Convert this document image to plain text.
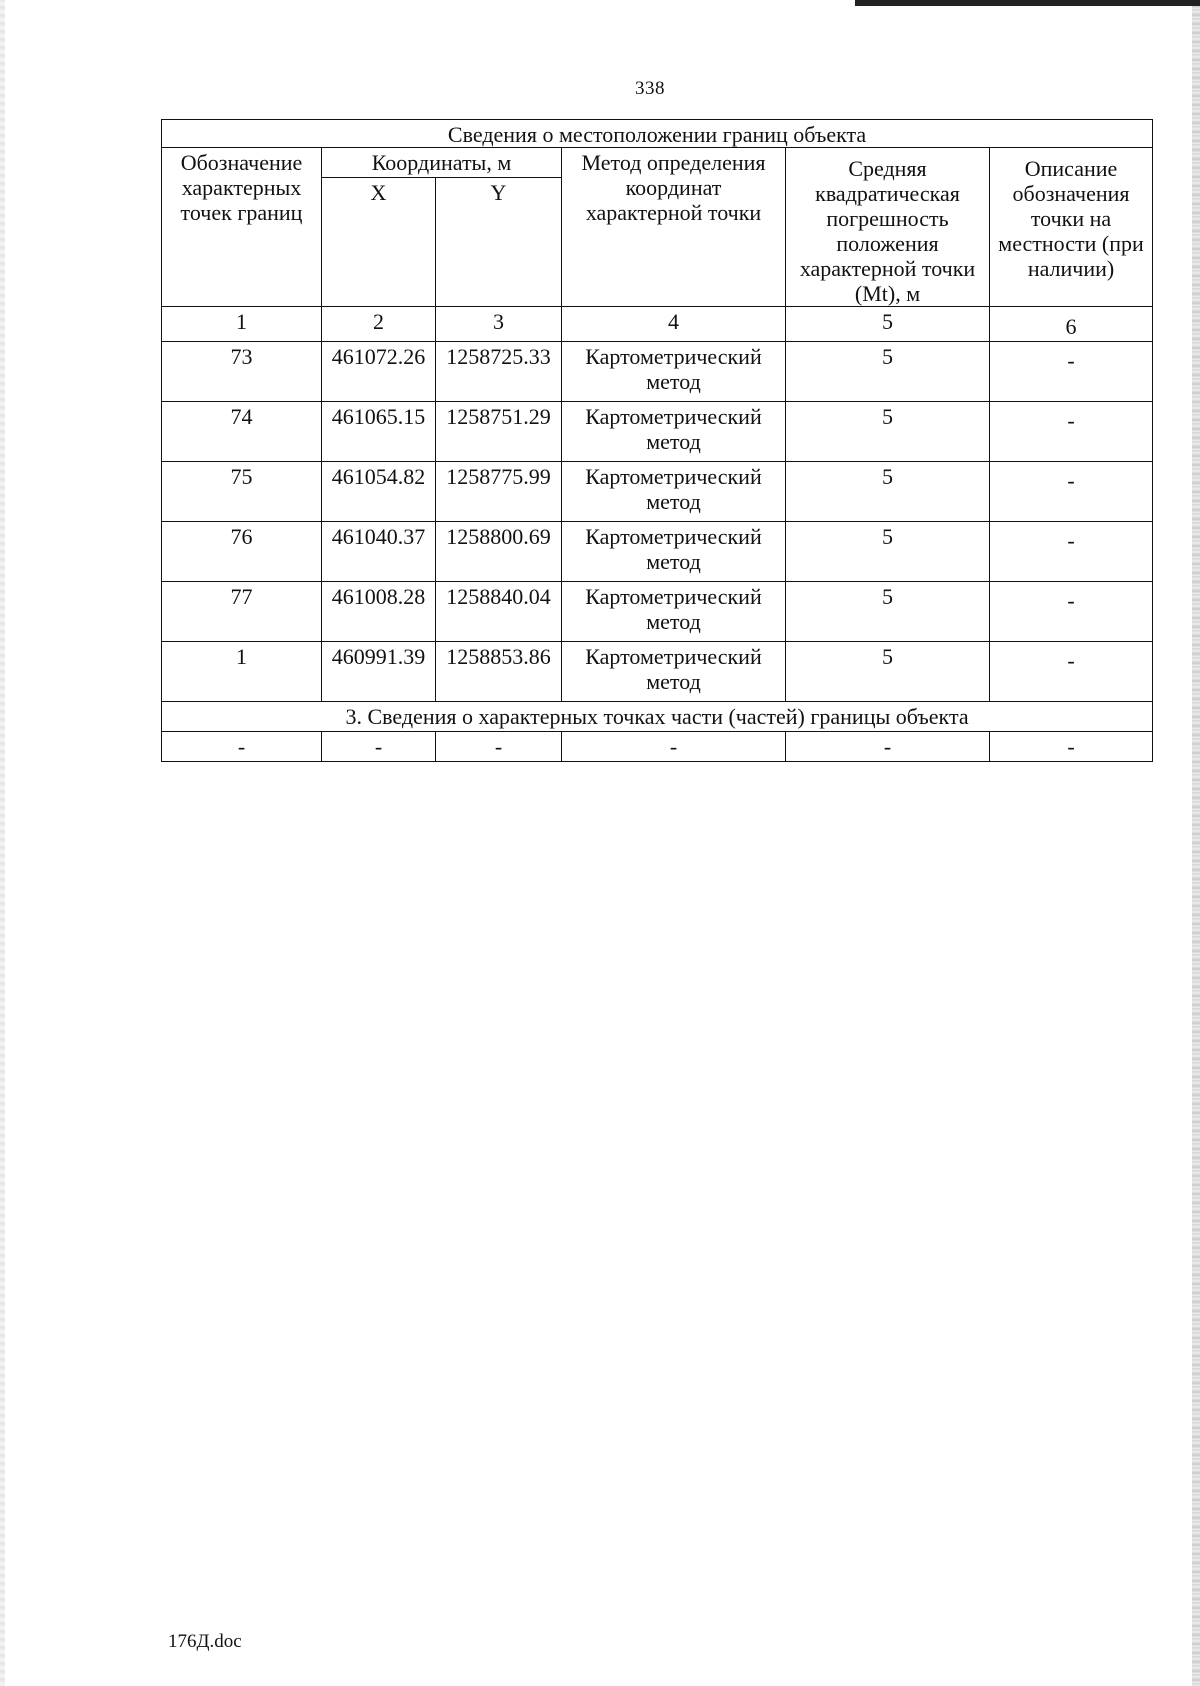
338
Сведения о местоположении границ объекта					
Обозначение характерных точек границ	Координаты, м		Метод определения координат характерной точки	Средняя квадратическая погрешность положения характерной точки (Mt), м	Описание обозначения точки на местности (при наличии)
	X	Y			
1	2	3	4	5	6
73	461072.26	1258725.33	Картометрический метод	5	-
74	461065.15	1258751.29	Картометрический метод	5	-
75	461054.82	1258775.99	Картометрический метод	5	-
76	461040.37	1258800.69	Картометрический метод	5	-
77	461008.28	1258840.04	Картометрический метод	5	-
1	460991.39	1258853.86	Картометрический метод	5	-
3. Сведения о характерных точках части (частей) границы объекта					
-	-	-	-	-	-
176Д.doc
